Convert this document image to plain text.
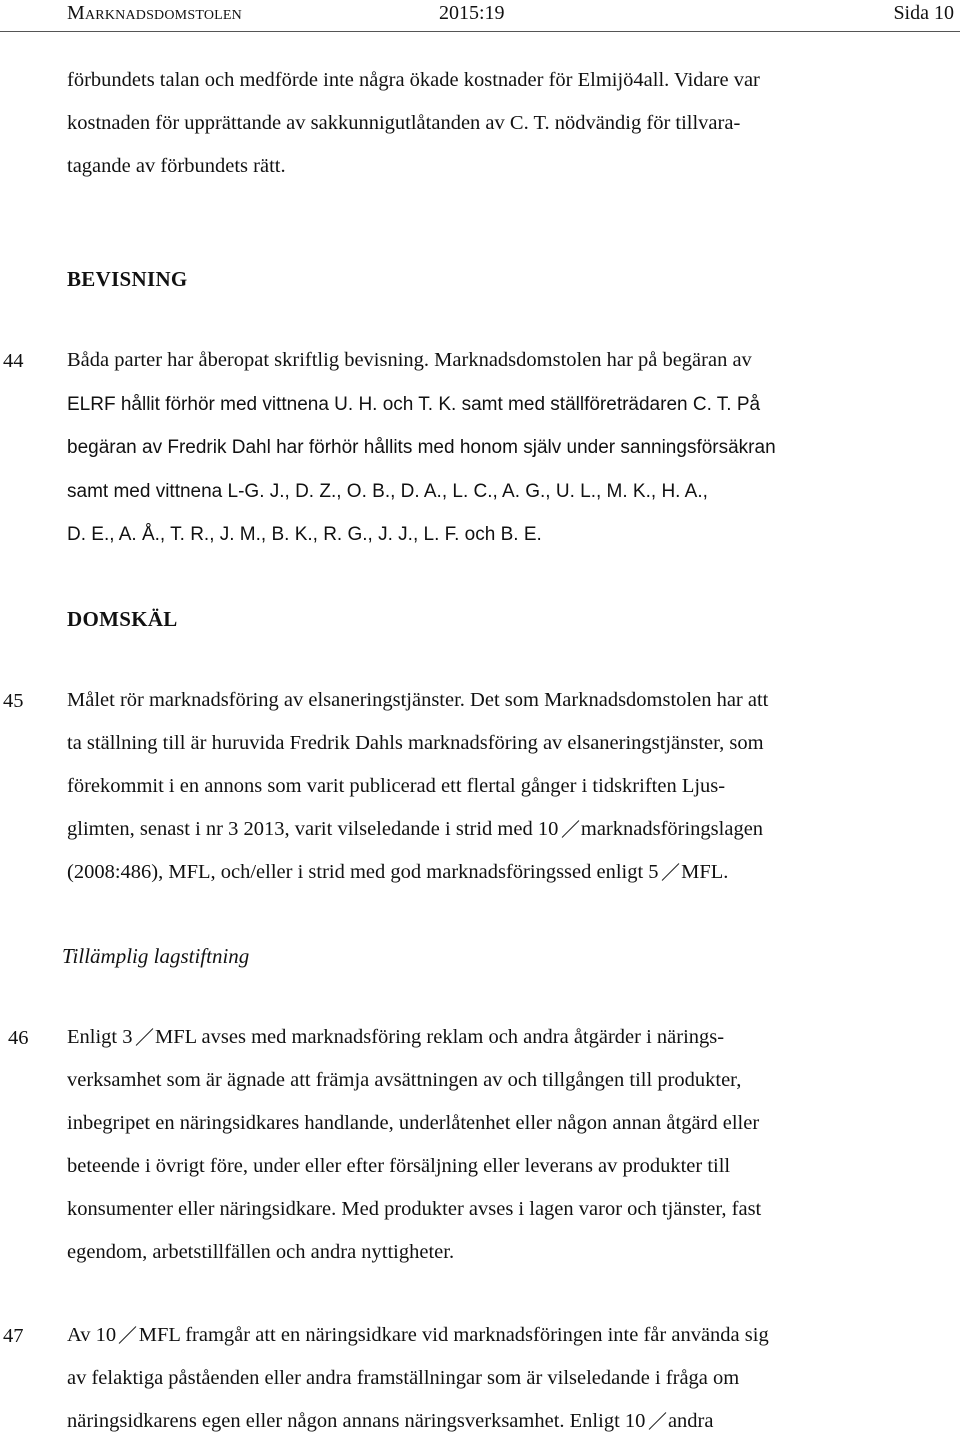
Marknadsdomstolen	2015:19	Sida 10
förbundets talan och medförde inte några ökade kostnader för Elmijö4all. Vidare var
kostnaden för upprättande av sakkunnigutlåtanden av C. T. nödvändig för tillvara-
tagande av förbundets rätt.
BEVISNING
44 Båda parter har åberopat skriftlig bevisning. Marknadsdomstolen har på begäran av
ELRF hållit förhör med vittnena U. H. och T. K. samt med ställföreträdaren C. T. På
begäran av Fredrik Dahl har förhör hållits med honom själv under sanningsförsäkran
samt med vittnena L-G. J., D. Z., O. B., D. A., L. C., A. G., U. L., M. K., H. A.,
D. E., A. Å., T. R., J. M., B. K., R. G., J. J., L. F. och B. E.
DOMSKÄL
45 Målet rör marknadsföring av elsaneringstjänster. Det som Marknadsdomstolen har att
ta ställning till är huruvida Fredrik Dahls marknadsföring av elsaneringstjänster, som
förekommit i en annons som varit publicerad ett flertal gånger i tidskriften Ljus-
glimten, senast i nr 3 2013, varit vilseledande i strid med 10 marknadsföringslagen
(2008:486), MFL, och/eller i strid med god marknadsföringssed enligt 5 MFL.
Tillämplig lagstiftning
46 Enligt 3 MFL avses med marknadsföring reklam och andra åtgärder i närings-
verksamhet som är ägnade att främja avsättningen av och tillgången till produkter,
inbegripet en näringsidkares handlande, underlåtenhet eller någon annan åtgärd eller
beteende i övrigt före, under eller efter försäljning eller leverans av produkter till
konsumenter eller näringsidkare. Med produkter avses i lagen varor och tjänster, fast
egendom, arbetstillfällen och andra nyttigheter.
47 Av 10 MFL framgår att en näringsidkare vid marknadsföringen inte får använda sig
av felaktiga påståenden eller andra framställningar som är vilseledande i fråga om
näringsidkarens egen eller någon annans näringsverksamhet. Enligt 10 andra
